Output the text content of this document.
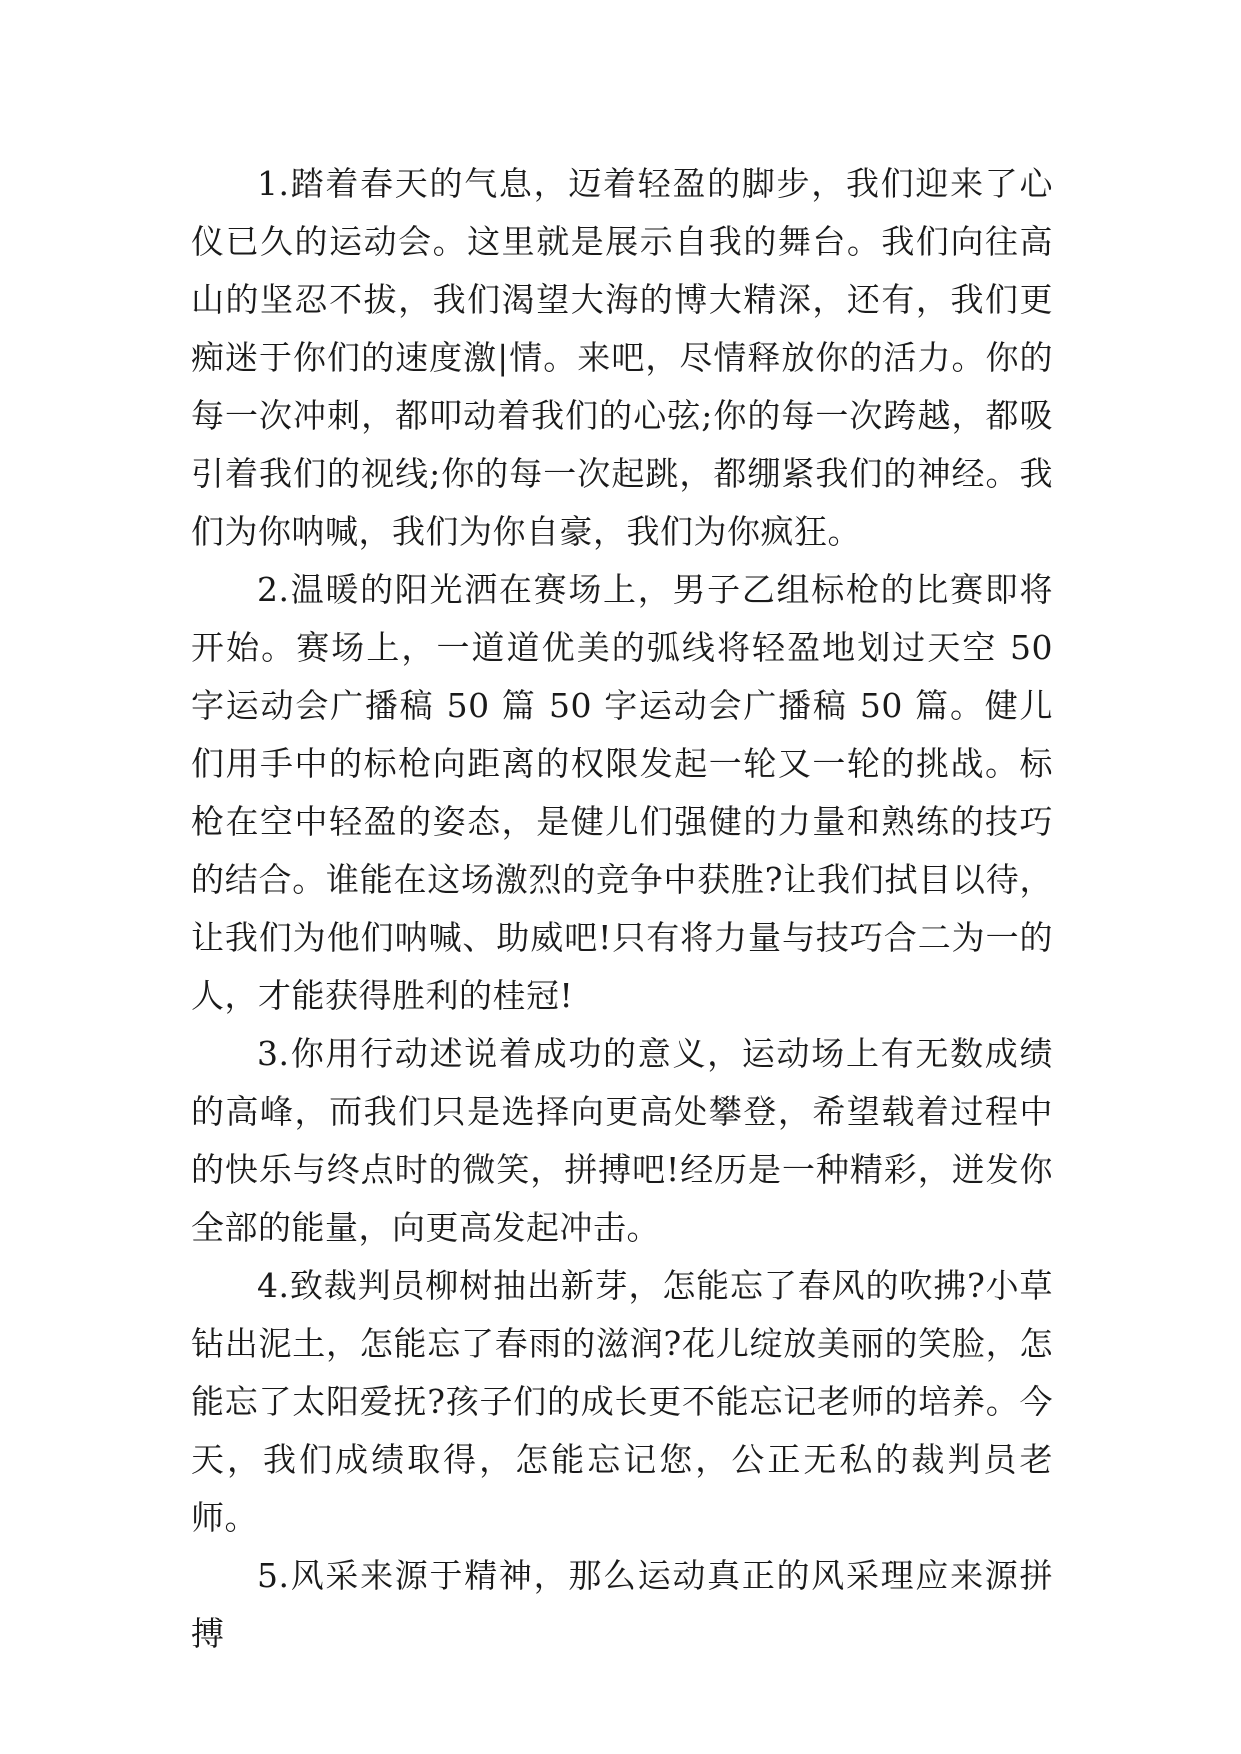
1.踏着春天的气息，迈着轻盈的脚步，我们迎来了心仪已久的运动会。这里就是展示自我的舞台。我们向往高山的坚忍不拔，我们渴望大海的博大精深，还有，我们更痴迷于你们的速度激|情。来吧，尽情释放你的活力。你的每一次冲刺，都叩动着我们的心弦;你的每一次跨越，都吸引着我们的视线;你的每一次起跳，都绷紧我们的神经。我们为你呐喊，我们为你自豪，我们为你疯狂。

2.温暖的阳光洒在赛场上，男子乙组标枪的比赛即将开始。赛场上，一道道优美的弧线将轻盈地划过天空 50 字运动会广播稿 50 篇 50 字运动会广播稿 50 篇。健儿们用手中的标枪向距离的权限发起一轮又一轮的挑战。标枪在空中轻盈的姿态，是健儿们强健的力量和熟练的技巧的结合。谁能在这场激烈的竞争中获胜?让我们拭目以待，让我们为他们呐喊、助威吧!只有将力量与技巧合二为一的人，才能获得胜利的桂冠!

3.你用行动述说着成功的意义，运动场上有无数成绩的高峰，而我们只是选择向更高处攀登，希望载着过程中的快乐与终点时的微笑，拼搏吧!经历是一种精彩，迸发你全部的能量，向更高发起冲击。

4.致裁判员柳树抽出新芽，怎能忘了春风的吹拂?小草钻出泥土，怎能忘了春雨的滋润?花儿绽放美丽的笑脸，怎能忘了太阳爱抚?孩子们的成长更不能忘记老师的培养。今天，我们成绩取得，怎能忘记您，公正无私的裁判员老师。

5.风采来源于精神，那么运动真正的风采理应来源拼搏
